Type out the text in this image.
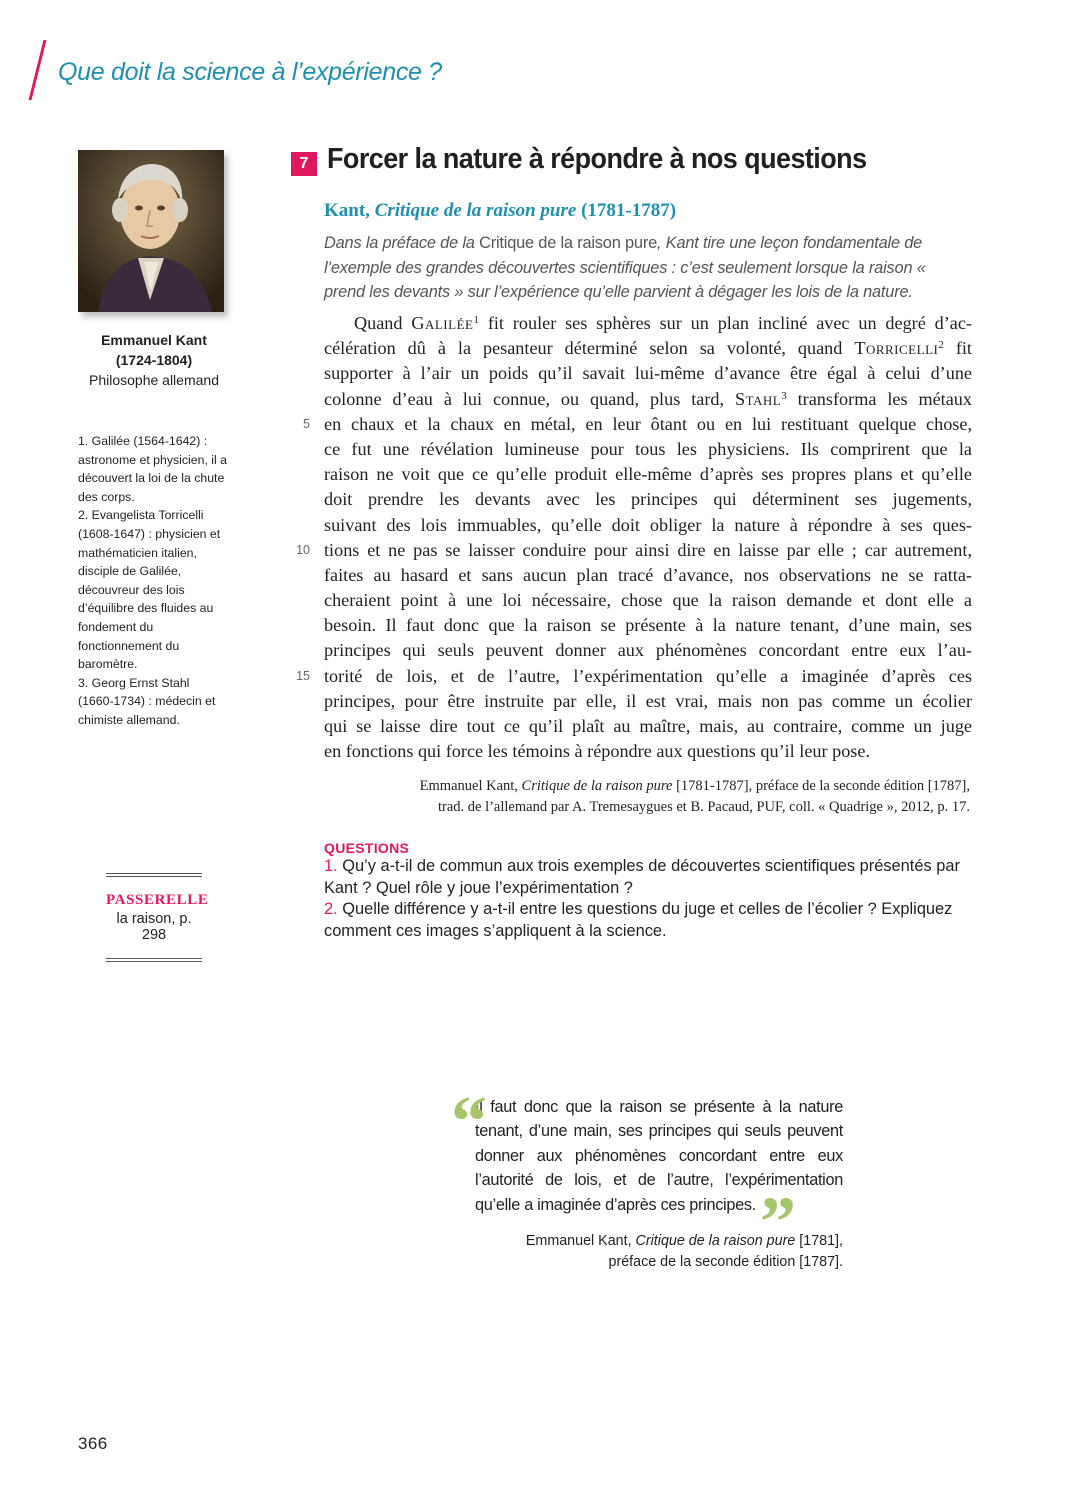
Que doit la science à l’expérience ?
Emmanuel Kant
(1724-1804)
Philosophe allemand

1. Galilée (1564-1642) : astronome et physicien, il a découvert la loi de la chute des corps.

2. Evangelista Torricelli (1608-1647) : physicien et mathématicien italien, disciple de Galilée, découvreur des lois d’équilibre des fluides au fondement du fonctionnement du baromètre.

3. Georg Ernst Stahl (1660-1734) : médecin et chimiste allemand.

PASSERELLE
la raison, p. 298
7 Forcer la nature à répondre à nos questions
Kant, Critique de la raison pure (1781-1787)
Dans la préface de la Critique de la raison pure, Kant tire une leçon fondamentale de l’exemple des grandes découvertes scientifiques : c’est seulement lorsque la raison « prend les devants » sur l’expérience qu’elle parvient à dégager les lois de la nature.
5
10
15
Quand Galilée$^1$ fit rouler ses sphères sur un plan incliné avec un degré d’ac-
célération dû à la pesanteur déterminé selon sa volonté, quand Torricelli$^2$ fit
supporter à l’air un poids qu’il savait lui-même d’avance être égal à celui d’une
colonne d’eau à lui connue, ou quand, plus tard, Stahl$^3$ transforma les métaux
en chaux et la chaux en métal, en leur ôtant ou en lui restituant quelque chose,
ce fut une révélation lumineuse pour tous les physiciens. Ils comprirent que la
raison ne voit que ce qu’elle produit elle-même d’après ses propres plans et qu’elle
doit prendre les devants avec les principes qui déterminent ses jugements,
suivant des lois immuables, qu’elle doit obliger la nature à répondre à ses ques-
tions et ne pas se laisser conduire pour ainsi dire en laisse par elle ; car autrement,
faites au hasard et sans aucun plan tracé d’avance, nos observations ne se ratta-
cheraient point à une loi nécessaire, chose que la raison demande et dont elle a
besoin. Il faut donc que la raison se présente à la nature tenant, d’une main, ses
principes qui seuls peuvent donner aux phénomènes concordant entre eux l’au-
torité de lois, et de l’autre, l’expérimentation qu’elle a imaginée d’après ces
principes, pour être instruite par elle, il est vrai, mais non pas comme un écolier
qui se laisse dire tout ce qu’il plaît au maître, mais, au contraire, comme un juge
en fonctions qui force les témoins à répondre aux questions qu’il leur pose.
Emmanuel Kant, Critique de la raison pure [1781-1787], préface de la seconde édition [1787],
trad. de l’allemand par A. Tremesaygues et B. Pacaud, PUF, coll. « Quadrige », 2012, p. 17.
QUESTIONS

1. Qu’y a-t-il de commun aux trois exemples de découvertes scientifiques présentés par Kant ? Quel rôle y joue l’expérimentation ?

2. Quelle différence y a-t-il entre les questions du juge et celles de l’écolier ? Expliquez comment ces images s’appliquent à la science.

“
Il faut donc que la raison se présente à la nature tenant, d’une main, ses principes qui seuls peuvent donner aux phénomènes concordant entre eux l’autorité de lois, et de l’autre, l’expérimentation qu’elle a imaginée d’après ces principes.”
Emmanuel Kant, Critique de la raison pure [1781],
préface de la seconde édition [1787].
366
